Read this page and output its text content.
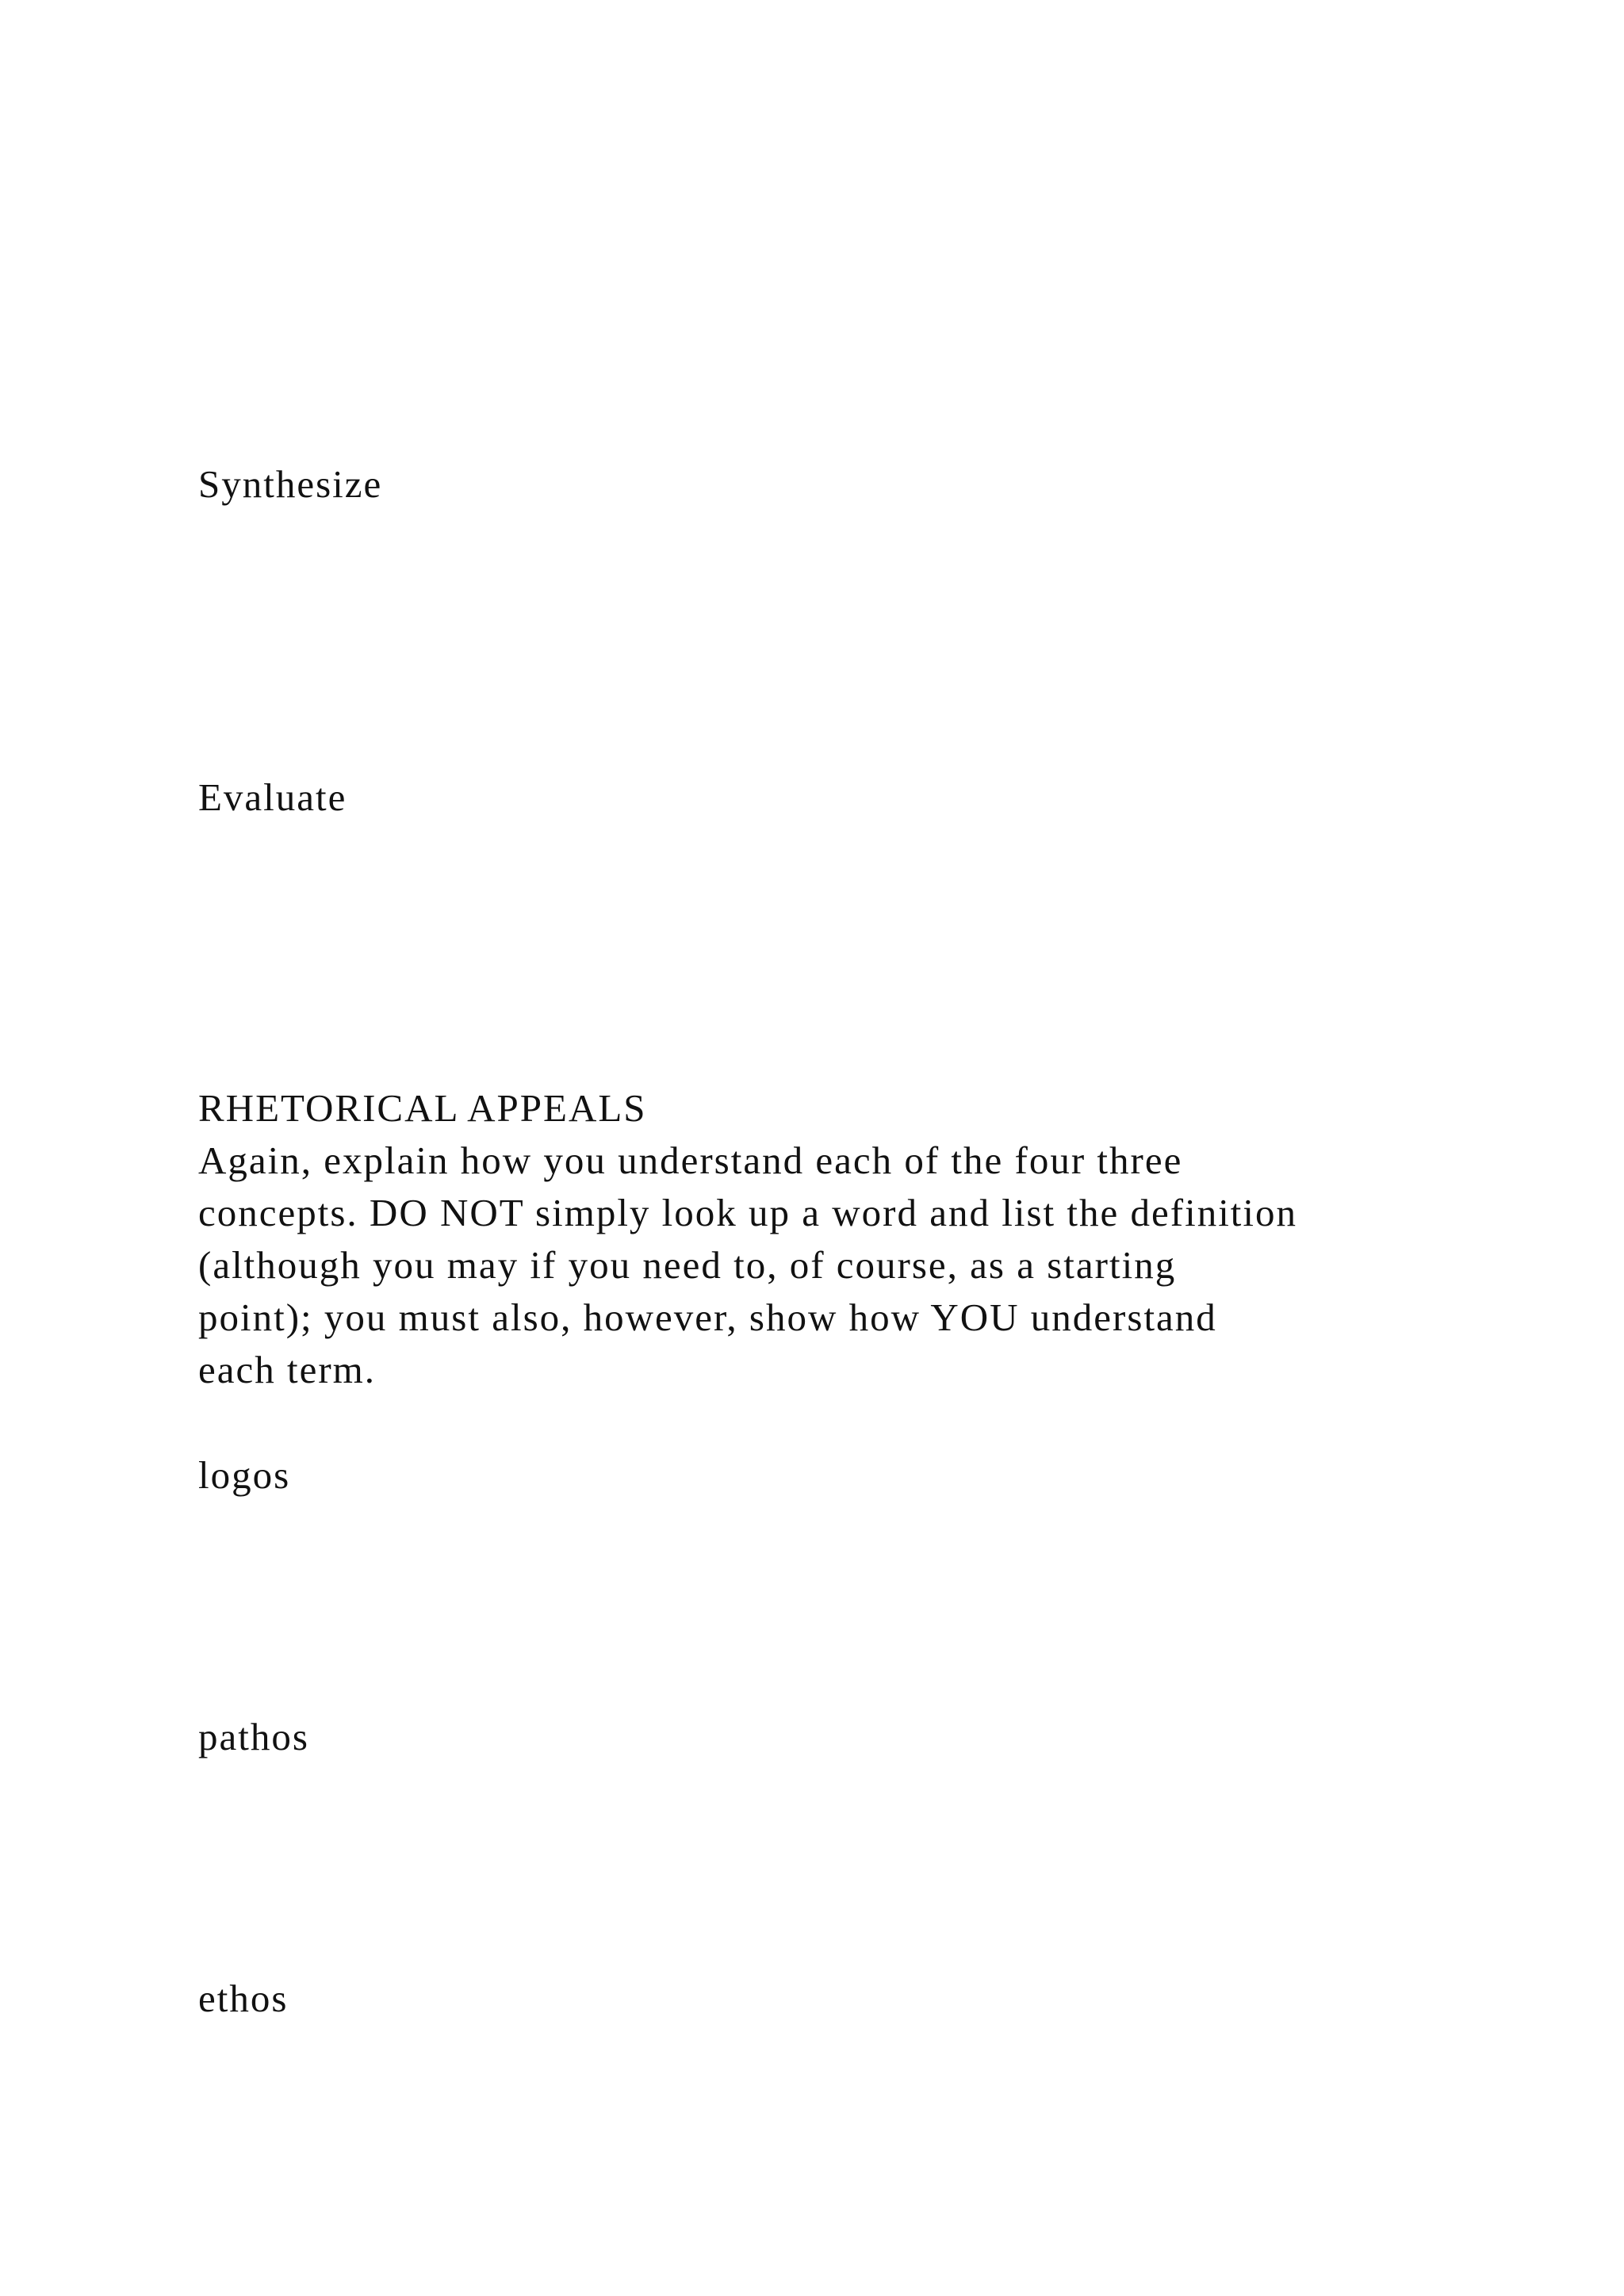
Synthesize

Evaluate

RHETORICAL APPEALS
Again, explain how you understand each of the four three
concepts. DO NOT simply look up a word and list the definition
(although you may if you need to, of course, as a starting
point); you must also, however, show how YOU understand
each term.

logos

pathos

ethos
